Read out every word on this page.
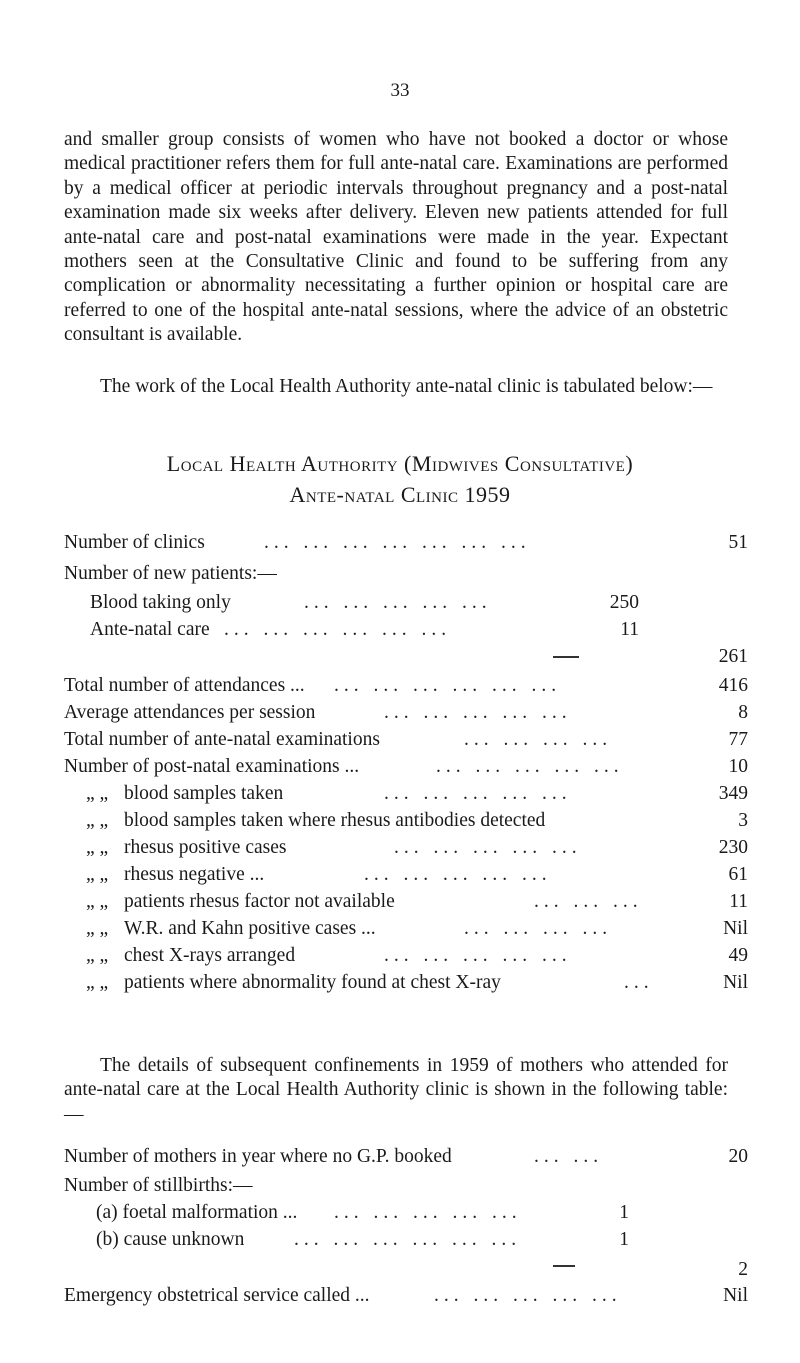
33

and smaller group consists of women who have not booked a doctor or whose medical practitioner refers them for full ante-natal care. Examinations are performed by a medical officer at periodic intervals throughout pregnancy and a post-natal examination made six weeks after delivery. Eleven new patients attended for full ante-natal care and post-natal examinations were made in the year. Expectant mothers seen at the Consultative Clinic and found to be suffering from any complication or abnormality necessitating a further opinion or hospital care are referred to one of the hospital ante-natal sessions, where the advice of an obstetric consultant is available.

The work of the Local Health Authority ante-natal clinic is tabulated below:—

Local Health Authority (Midwives Consultative)
Ante-natal Clinic 1959
Number of clinics	... ... ... ... ... ... ...	51
Number of new patients:—
Blood taking only	... ... ... ... ...	250
Ante-natal care ... ... ... ... ... ...	11
261
Total number of attendances ... ... ... ... ... ... ...	416
Average attendances per session	... ... ... ... ...	8
Total number of ante-natal examinations	... ... ... ...	77
Number of post-natal examinations ...	... ... ... ... ...	10
„ „ blood samples taken	... ... ... ... ...	349
„ „ blood samples taken where rhesus antibodies detected	3
„ „ rhesus positive cases	... ... ... ... ...	230
„ „ rhesus negative ...	... ... ... ... ...	61
„ „ patients rhesus factor not available	... ... ...	11
„ „ W.R. and Kahn positive cases ...	... ... ... ...	Nil
„ „ chest X-rays arranged	... ... ... ... ...	49
„ „ patients where abnormality found at chest X-ray	...	Nil

The details of subsequent confinements in 1959 of mothers who attended for ante-natal care at the Local Health Authority clinic is shown in the following table:—

Number of mothers in year where no G.P. booked	... ...	20
Number of stillbirths:—
(a) foetal malformation ... ... ... ... ... ...	1
(b) cause unknown	... ... ... ... ... ...	1
2
Emergency obstetrical service called ...	... ... ... ... ...	Nil
